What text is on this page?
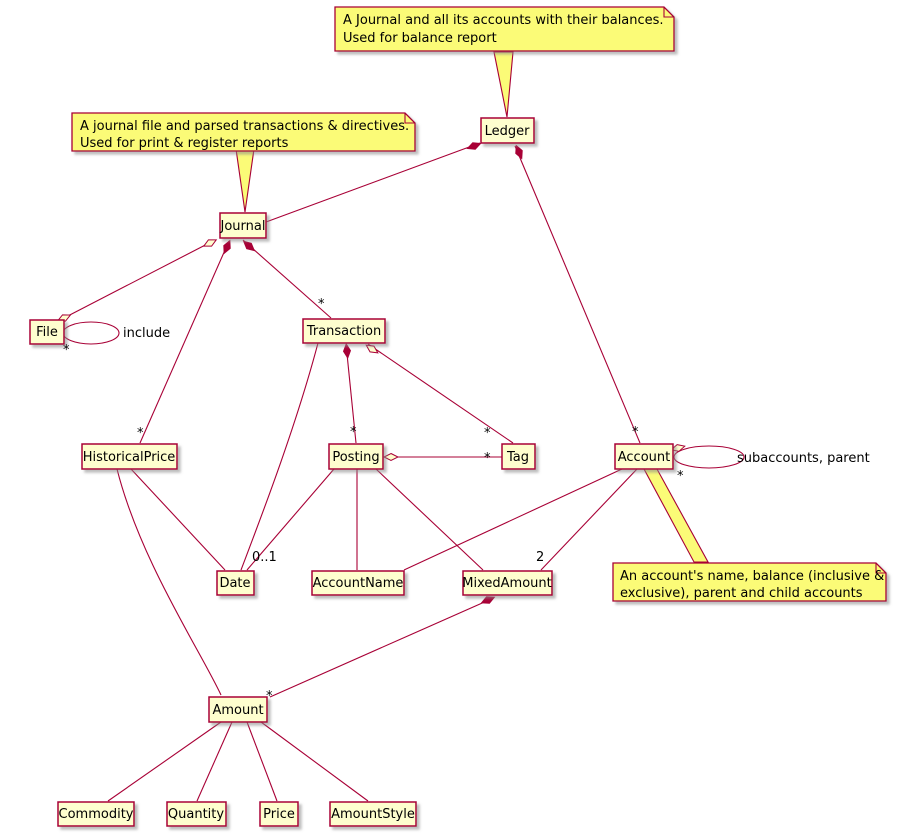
A Journal and all its accounts with their balances.
Used for balance report
A journal file and parsed transactions & directives.
Used for print & register reports
An account's name, balance (inclusive &
exclusive), parent and child accounts
Ledger
Journal
File	Transaction
HistoricalPrice	Posting	Tag	Account
Date	AccountName	MixedAmount
Amount
Commodity	Quantity	Price	AmountStyle
*
include
*
*
*	*
*
*
*
subaccounts, parent
0..1	2
*
